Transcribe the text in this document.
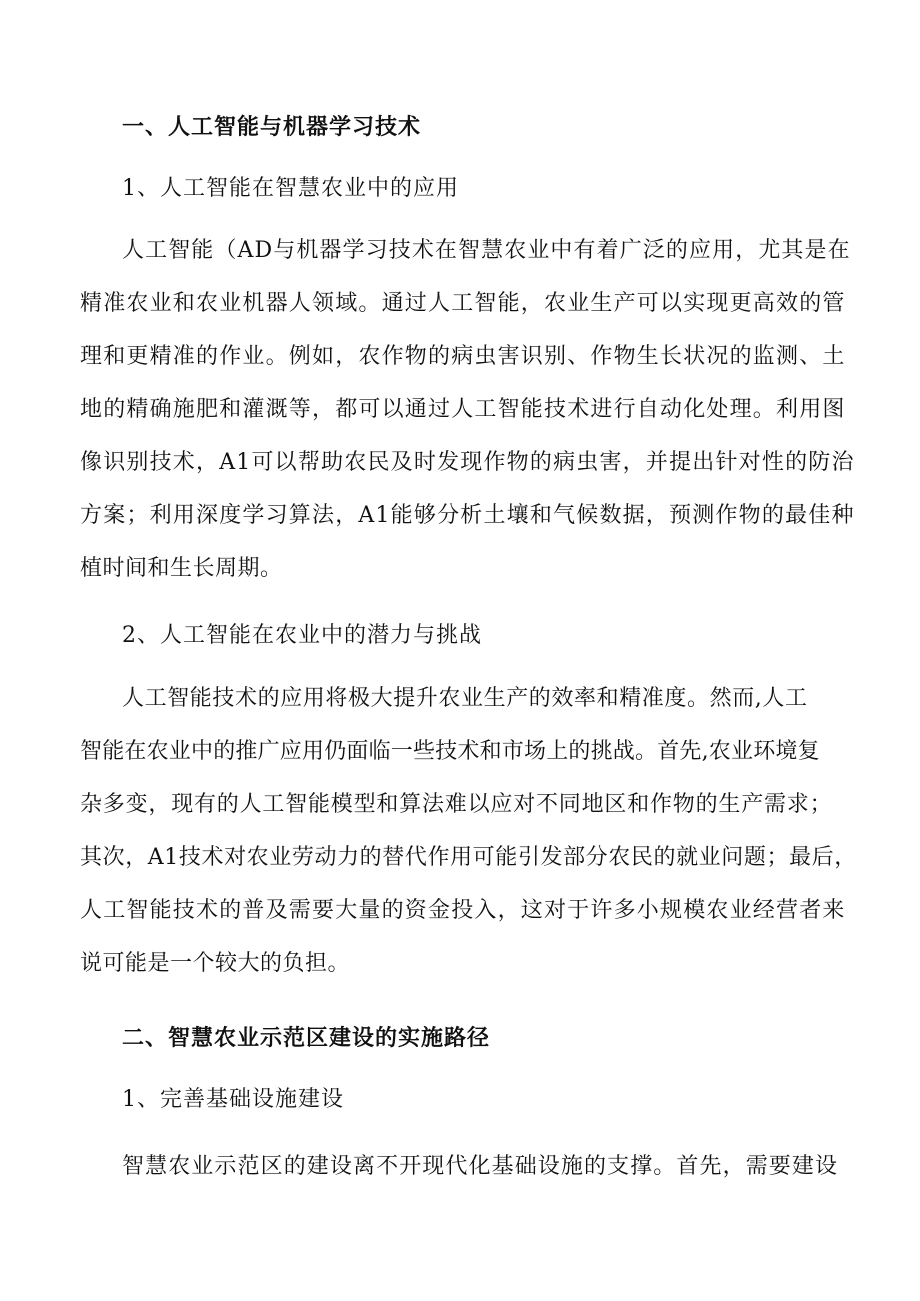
一、人工智能与机器学习技术
1、人工智能在智慧农业中的应用
人工智能（AD与机器学习技术在智慧农业中有着广泛的应用，尤其是在
精准农业和农业机器人领域。通过人工智能，农业生产可以实现更高效的管
理和更精准的作业。例如，农作物的病虫害识别、作物生长状况的监测、土
地的精确施肥和灌溉等，都可以通过人工智能技术进行自动化处理。利用图
像识别技术，A1可以帮助农民及时发现作物的病虫害，并提出针对性的防治
方案；利用深度学习算法，A1能够分析土壤和气候数据，预测作物的最佳种
植时间和生长周期。
2、人工智能在农业中的潜力与挑战
人工智能技术的应用将极大提升农业生产的效率和精准度。然而,人工
智能在农业中的推广应用仍面临一些技术和市场上的挑战。首先,农业环境复
杂多变，现有的人工智能模型和算法难以应对不同地区和作物的生产需求；
其次，A1技术对农业劳动力的替代作用可能引发部分农民的就业问题；最后，
人工智能技术的普及需要大量的资金投入，这对于许多小规模农业经营者来
说可能是一个较大的负担。
二、智慧农业示范区建设的实施路径
1、完善基础设施建设
智慧农业示范区的建设离不开现代化基础设施的支撑。首先，需要建设
